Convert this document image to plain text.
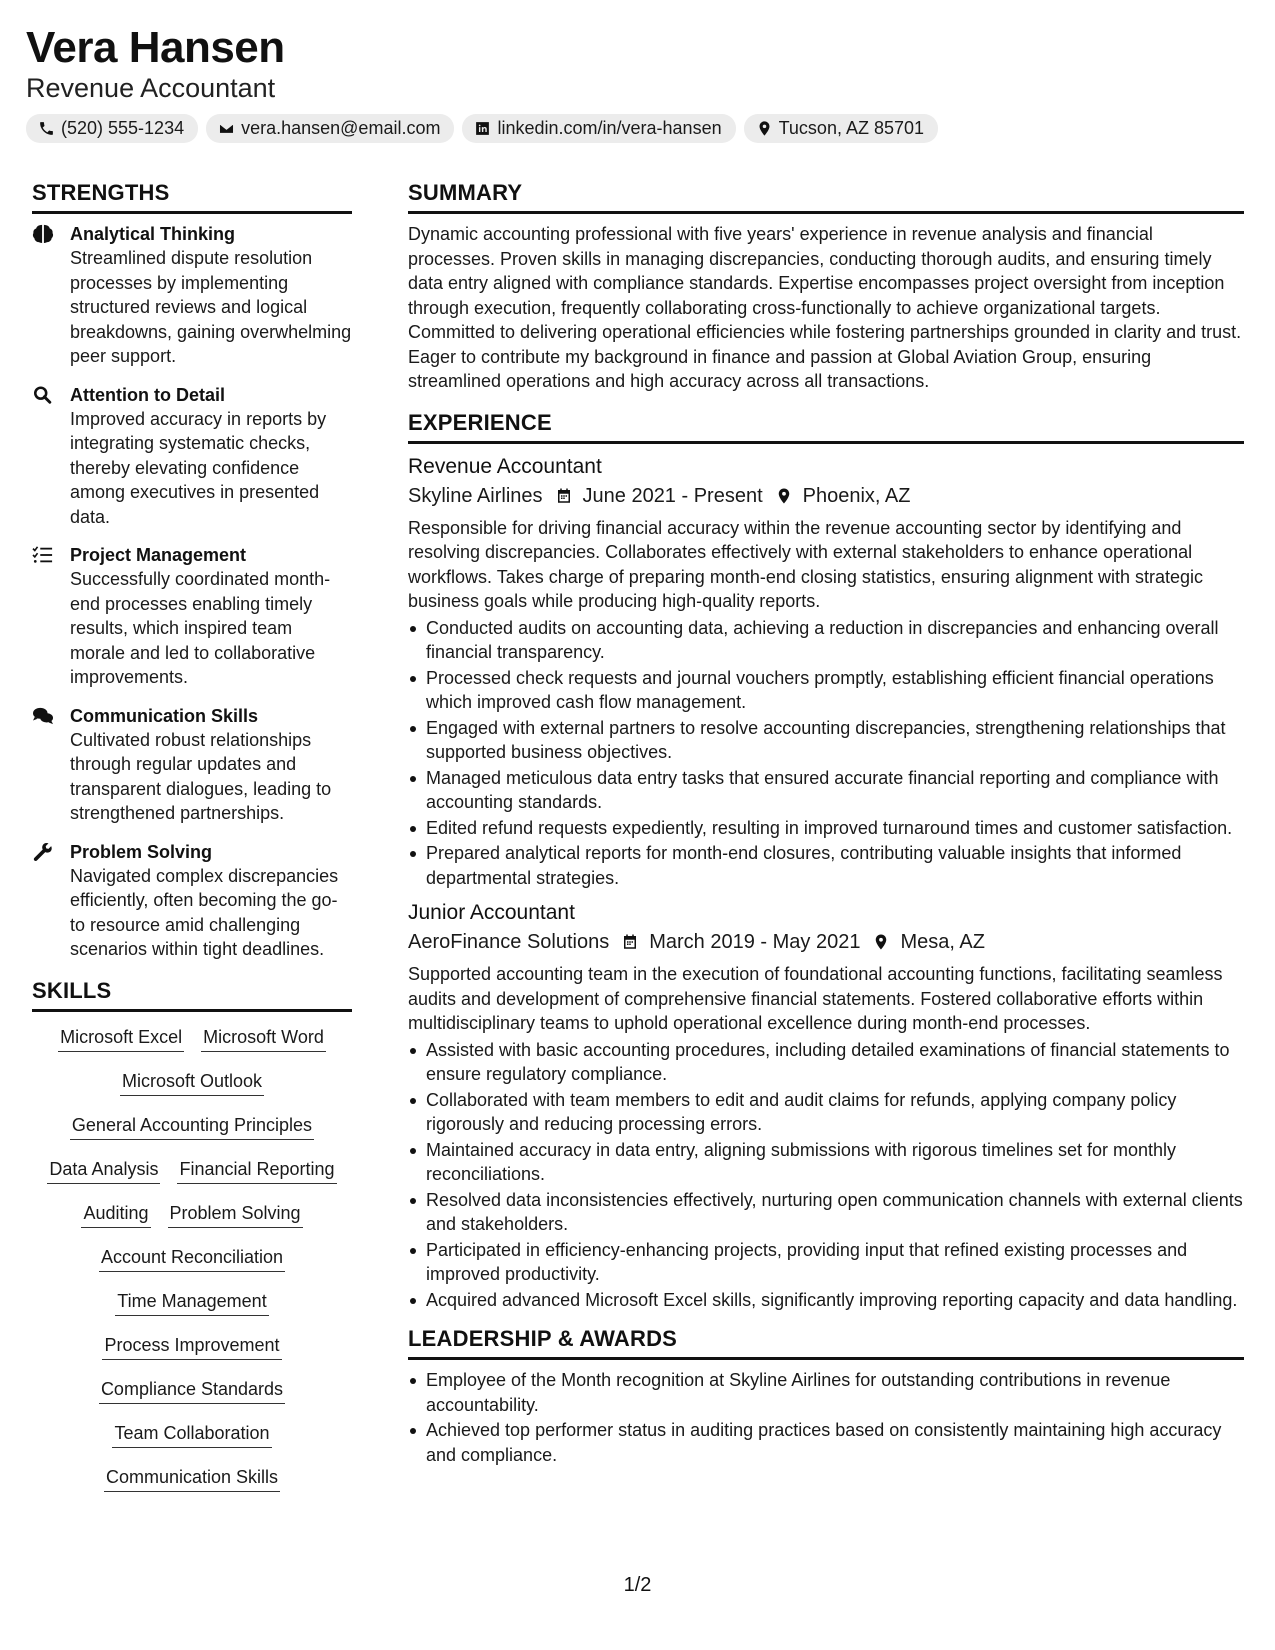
Vera Hansen
Revenue Accountant
(520) 555-1234	vera.hansen@email.com	linkedin.com/in/vera-hansen	Tucson, AZ 85701
STRENGTHS
Analytical Thinking
Streamlined dispute resolution processes by implementing structured reviews and logical breakdowns, gaining overwhelming peer support.
Attention to Detail
Improved accuracy in reports by integrating systematic checks, thereby elevating confidence among executives in presented data.
Project Management
Successfully coordinated month-end processes enabling timely results, which inspired team morale and led to collaborative improvements.
Communication Skills
Cultivated robust relationships through regular updates and transparent dialogues, leading to strengthened partnerships.
Problem Solving
Navigated complex discrepancies efficiently, often becoming the go-to resource amid challenging scenarios within tight deadlines.
SKILLS
Microsoft Excel Microsoft Word
Microsoft Outlook
General Accounting Principles
Data Analysis Financial Reporting
Auditing Problem Solving
Account Reconciliation
Time Management
Process Improvement
Compliance Standards
Team Collaboration
Communication Skills
SUMMARY
Dynamic accounting professional with five years' experience in revenue analysis and financial processes. Proven skills in managing discrepancies, conducting thorough audits, and ensuring timely data entry aligned with compliance standards. Expertise encompasses project oversight from inception through execution, frequently collaborating cross-functionally to achieve organizational targets. Committed to delivering operational efficiencies while fostering partnerships grounded in clarity and trust. Eager to contribute my background in finance and passion at Global Aviation Group, ensuring streamlined operations and high accuracy across all transactions.
EXPERIENCE
Revenue Accountant
Skyline Airlines June 2021 - Present Phoenix, AZ
Responsible for driving financial accuracy within the revenue accounting sector by identifying and resolving discrepancies. Collaborates effectively with external stakeholders to enhance operational workflows. Takes charge of preparing month-end closing statistics, ensuring alignment with strategic business goals while producing high-quality reports.
Conducted audits on accounting data, achieving a reduction in discrepancies and enhancing overall financial transparency.
Processed check requests and journal vouchers promptly, establishing efficient financial operations which improved cash flow management.
Engaged with external partners to resolve accounting discrepancies, strengthening relationships that supported business objectives.
Managed meticulous data entry tasks that ensured accurate financial reporting and compliance with accounting standards.
Edited refund requests expediently, resulting in improved turnaround times and customer satisfaction.
Prepared analytical reports for month-end closures, contributing valuable insights that informed departmental strategies.
Junior Accountant
AeroFinance Solutions March 2019 - May 2021 Mesa, AZ
Supported accounting team in the execution of foundational accounting functions, facilitating seamless audits and development of comprehensive financial statements. Fostered collaborative efforts within multidisciplinary teams to uphold operational excellence during month-end processes.
Assisted with basic accounting procedures, including detailed examinations of financial statements to ensure regulatory compliance.
Collaborated with team members to edit and audit claims for refunds, applying company policy rigorously and reducing processing errors.
Maintained accuracy in data entry, aligning submissions with rigorous timelines set for monthly reconciliations.
Resolved data inconsistencies effectively, nurturing open communication channels with external clients and stakeholders.
Participated in efficiency-enhancing projects, providing input that refined existing processes and improved productivity.
Acquired advanced Microsoft Excel skills, significantly improving reporting capacity and data handling.
LEADERSHIP & AWARDS
Employee of the Month recognition at Skyline Airlines for outstanding contributions in revenue accountability.
Achieved top performer status in auditing practices based on consistently maintaining high accuracy and compliance.
1/2
